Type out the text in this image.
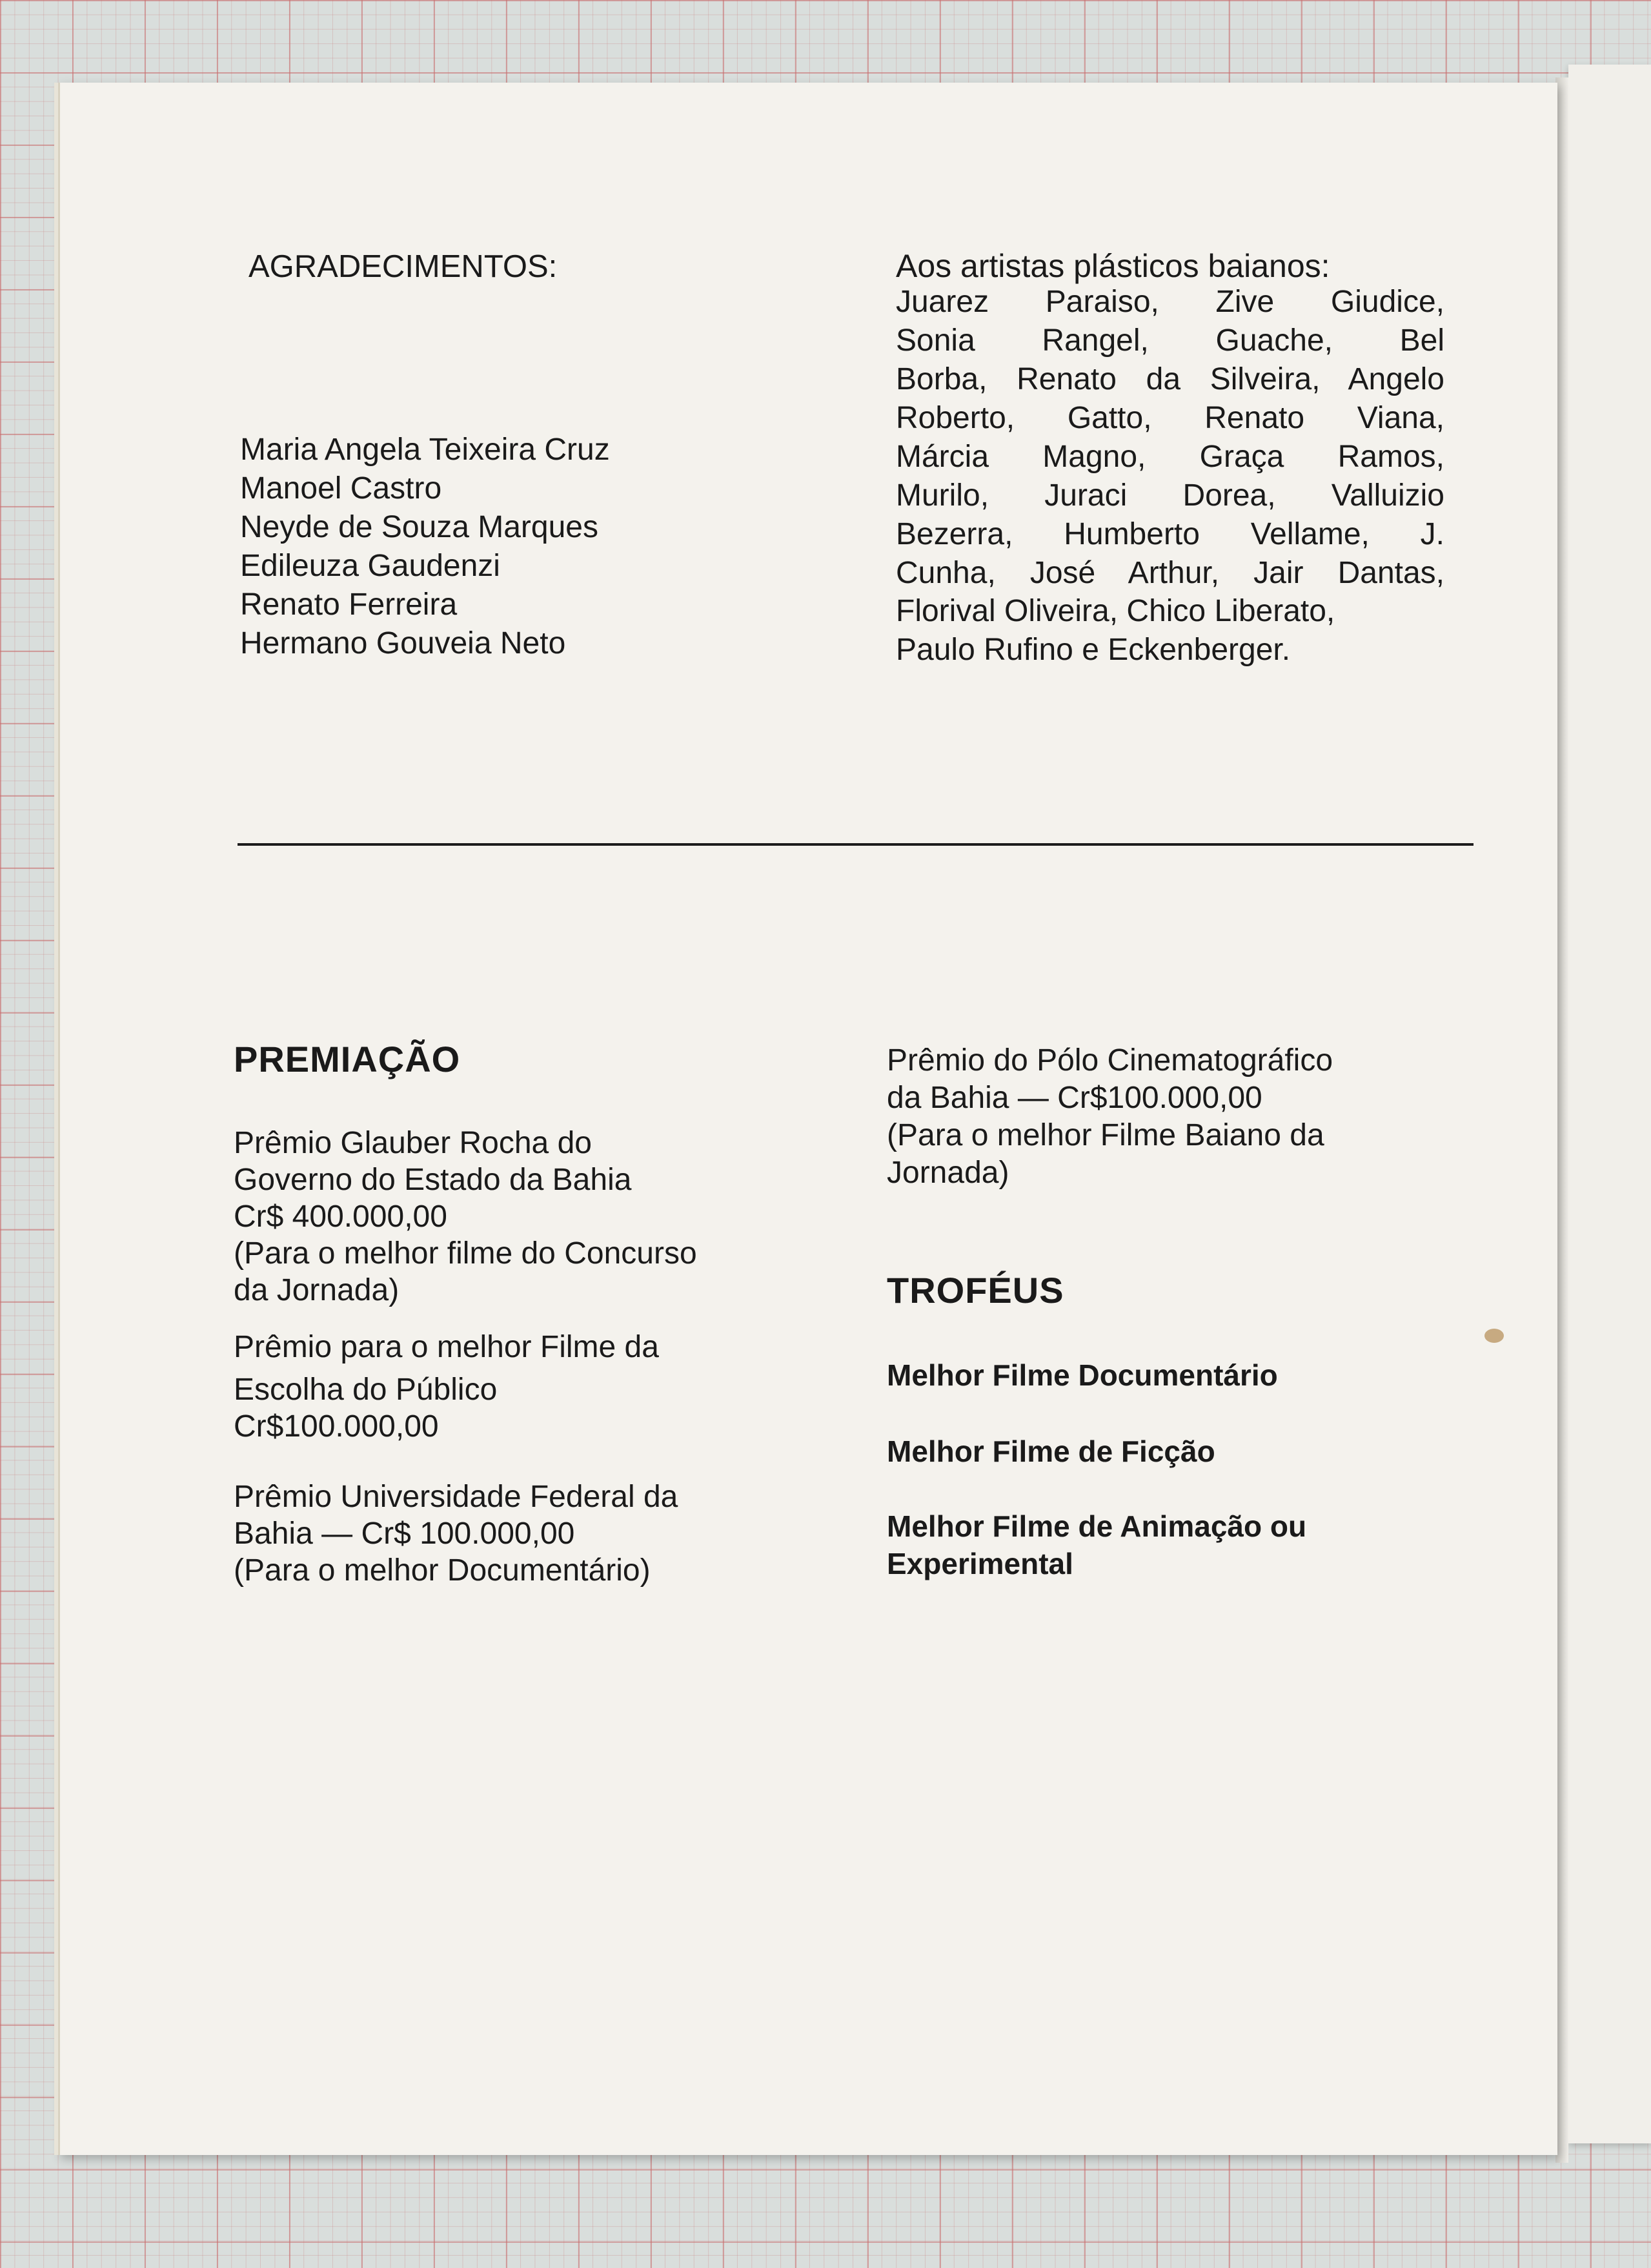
AGRADECIMENTOS:
Maria Angela Teixeira Cruz
Manoel Castro
Neyde de Souza Marques
Edileuza Gaudenzi
Renato Ferreira
Hermano Gouveia Neto
Aos artistas plásticos baianos:
Juarez Paraiso, Zive Giudice,
Sonia Rangel, Guache, Bel
Borba, Renato da Silveira, Angelo
Roberto, Gatto, Renato Viana,
Márcia Magno, Graça Ramos,
Murilo, Juraci Dorea, Valluizio
Bezerra, Humberto Vellame, J.
Cunha, José Arthur, Jair Dantas,
Florival Oliveira, Chico Liberato,
Paulo Rufino e Eckenberger.
PREMIAÇÃO
Prêmio Glauber Rocha do
Governo do Estado da Bahia
Cr$ 400.000,00
(Para o melhor filme do Concurso
da Jornada)
Prêmio para o melhor Filme da
Escolha do Público
Cr$100.000,00
Prêmio Universidade Federal da
Bahia — Cr$ 100.000,00
(Para o melhor Documentário)
Prêmio do Pólo Cinematográfico
da Bahia — Cr$100.000,00
(Para o melhor Filme Baiano da
Jornada)
TROFÉUS
Melhor Filme Documentário
Melhor Filme de Ficção
Melhor Filme de Animação ou
Experimental
